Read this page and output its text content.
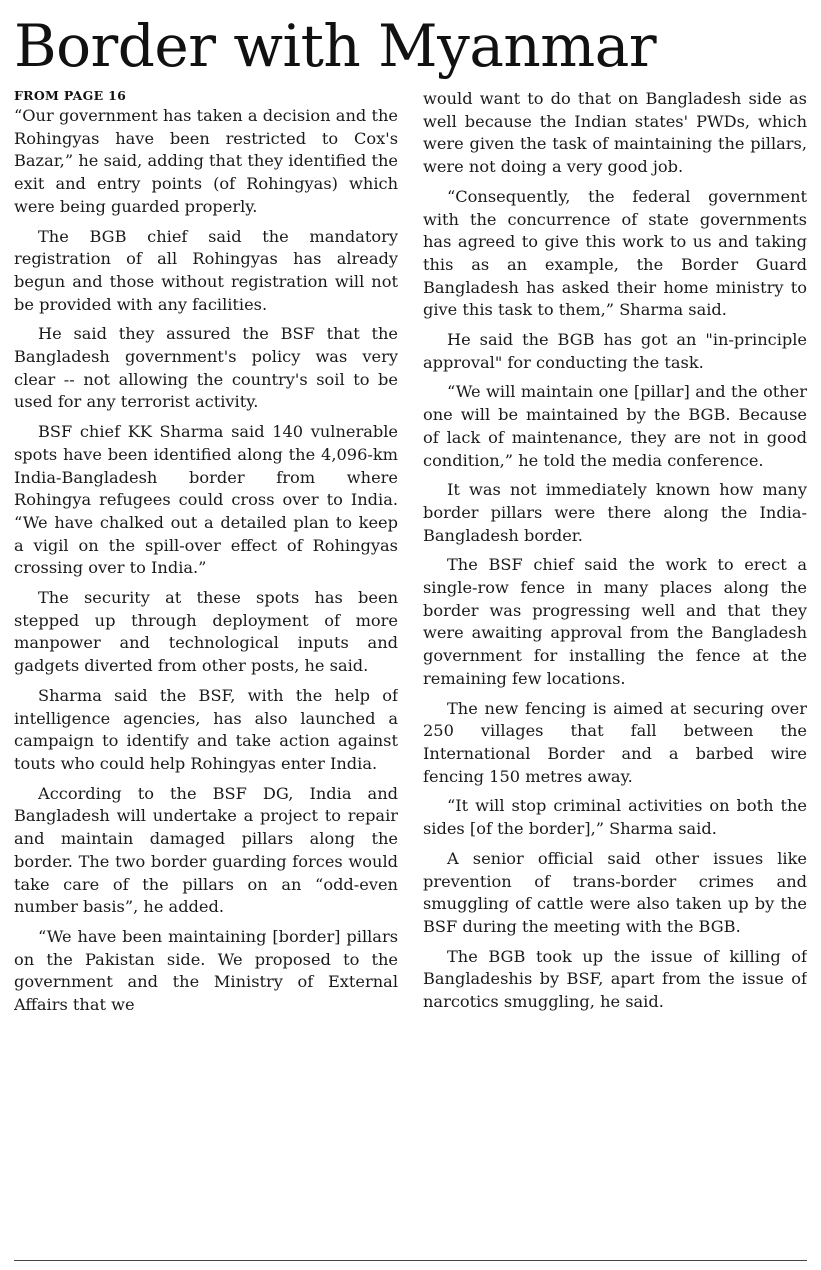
Border with Myanmar
FROM PAGE 16

“Our government has taken a decision and the Rohingyas have been restricted to Cox's Bazar,” he said, adding that they identified the exit and entry points (of Rohingyas) which were being guarded properly.

The BGB chief said the mandatory registration of all Rohingyas has already begun and those without registration will not be provided with any facilities.

He said they assured the BSF that the Bangladesh government's policy was very clear -- not allowing the country's soil to be used for any terrorist activity.

BSF chief KK Sharma said 140 vulnerable spots have been identified along the 4,096-km India-Bangladesh border from where Rohingya refugees could cross over to India. “We have chalked out a detailed plan to keep a vigil on the spill-over effect of Rohingyas crossing over to India.”

The security at these spots has been stepped up through deployment of more manpower and technological inputs and gadgets diverted from other posts, he said.

Sharma said the BSF, with the help of intelligence agencies, has also launched a campaign to identify and take action against touts who could help Rohingyas enter India.

According to the BSF DG, India and Bangladesh will undertake a project to repair and maintain damaged pillars along the border. The two border guarding forces would take care of the pillars on an “odd-even number basis”, he added.

“We have been maintaining [border] pillars on the Pakistan side. We proposed to the government and the Ministry of External Affairs that we

would want to do that on Bangladesh side as well because the Indian states' PWDs, which were given the task of maintaining the pillars, were not doing a very good job.

“Consequently, the federal government with the concurrence of state governments has agreed to give this work to us and taking this as an example, the Border Guard Bangladesh has asked their home ministry to give this task to them,” Sharma said.

He said the BGB has got an "in-principle approval" for conducting the task.

“We will maintain one [pillar] and the other one will be maintained by the BGB. Because of lack of maintenance, they are not in good condition,” he told the media conference.

It was not immediately known how many border pillars were there along the India-Bangladesh border.

The BSF chief said the work to erect a single-row fence in many places along the border was progressing well and that they were awaiting approval from the Bangladesh government for installing the fence at the remaining few locations.

The new fencing is aimed at securing over 250 villages that fall between the International Border and a barbed wire fencing 150 metres away.

“It will stop criminal activities on both the sides [of the border],” Sharma said.

A senior official said other issues like prevention of trans-border crimes and smuggling of cattle were also taken up by the BSF during the meeting with the BGB.

The BGB took up the issue of killing of Bangladeshis by BSF, apart from the issue of narcotics smuggling, he said.
